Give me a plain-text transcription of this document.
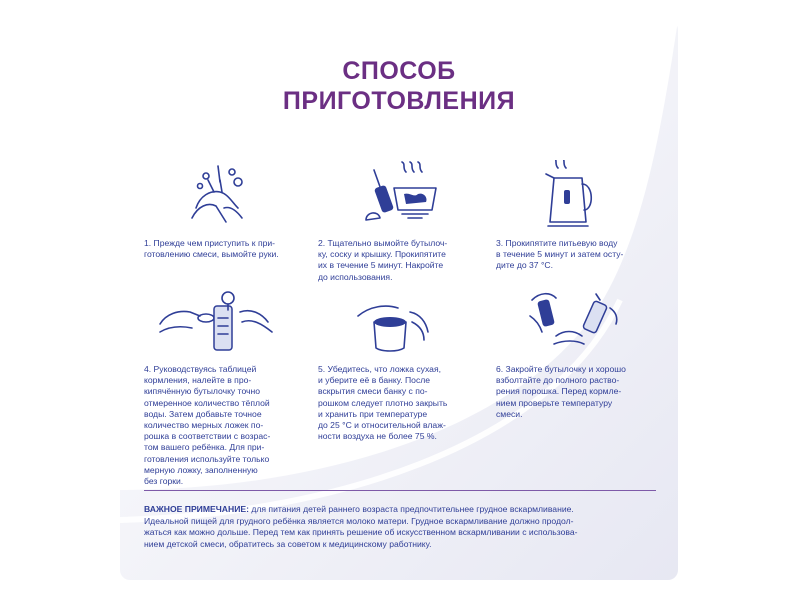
СПОСОБ
ПРИГОТОВЛЕНИЯ
1. Прежде чем приступить к при-
готовлению смеси, вымойте руки.
2. Тщательно вымойте бутылоч-
ку, соску и крышку. Прокипятите
их в течение 5 минут. Накройте
до использования.
3. Прокипятите питьевую воду
в течение 5 минут и затем осту-
дите до 37 °С.
4. Руководствуясь таблицей
кормления, налейте в про-
кипячённую бутылочку точно
отмеренное количество тёплой
воды. Затем добавьте точное
количество мерных ложек по-
рошка в соответствии с возрас-
том вашего ребёнка. Для при-
готовления используйте только
мерную ложку, заполненную
без горки.
5. Убедитесь, что ложка сухая,
и уберите её в банку. После
вскрытия смеси банку с по-
рошком следует плотно закрыть
и хранить при температуре
до 25 °С и относительной влаж-
ности воздуха не более 75 %.
6. Закройте бутылочку и хорошо
взболтайте до полного раство-
рения порошка. Перед кормле-
нием проверьте температуру
смеси.
ВАЖНОЕ ПРИМЕЧАНИЕ: для питания детей раннего возраста предпочтительнее грудное вскармливание.
Идеальной пищей для грудного ребёнка является молоко матери. Грудное вскармливание должно продол-
жаться как можно дольше. Перед тем как принять решение об искусственном вскармливании с использова-
нием детской смеси, обратитесь за советом к медицинскому работнику.
